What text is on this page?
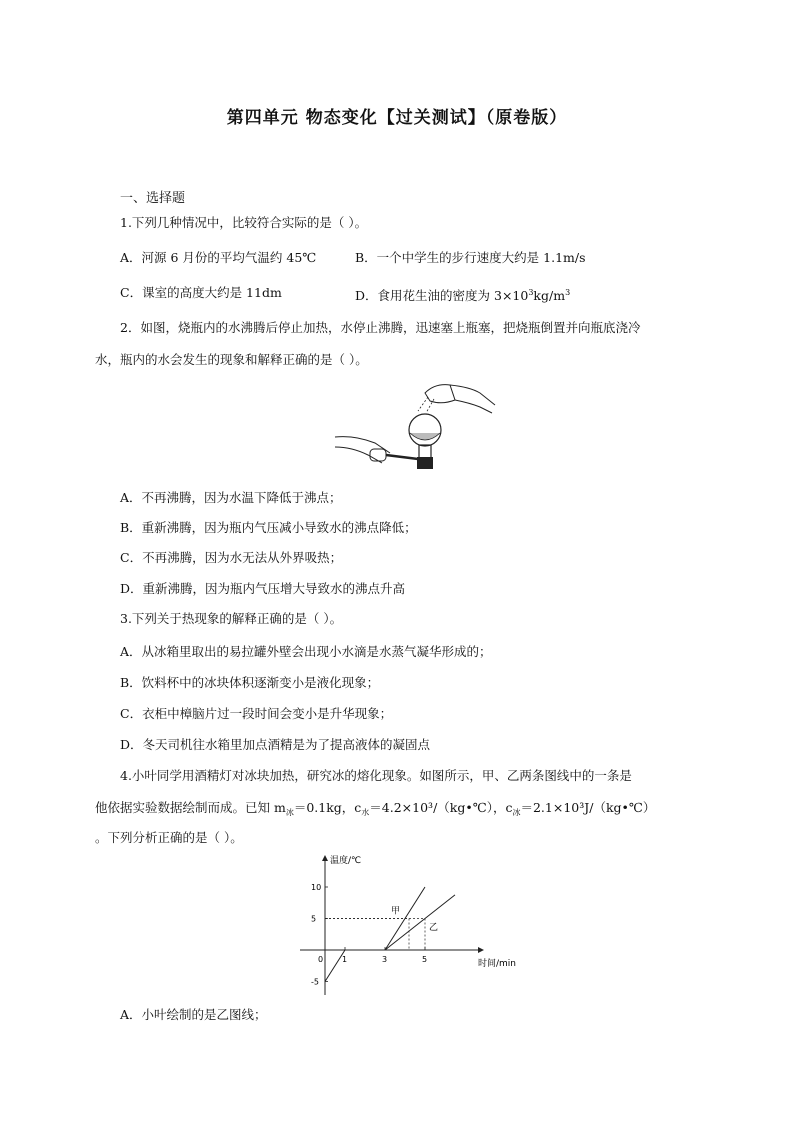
第四单元 物态变化【过关测试】（原卷版）
一、选择题
1.下列几种情况中，比较符合实际的是（ ）。
A．河源 6 月份的平均气温约 45℃	B．一个中学生的步行速度大约是 1.1m/s
C．课室的高度大约是 11dm	D．食用花生油的密度为 $3\times 10^3kg/m^3$
2．如图，烧瓶内的水沸腾后停止加热，水停止沸腾，迅速塞上瓶塞，把烧瓶倒置并向瓶底浇冷
水，瓶内的水会发生的现象和解释正确的是（ ）。
A．不再沸腾，因为水温下降低于沸点；
B．重新沸腾，因为瓶内气压减小导致水的沸点降低；
C．不再沸腾，因为水无法从外界吸热；
D．重新沸腾，因为瓶内气压增大导致水的沸点升高
3.下列关于热现象的解释正确的是（ ）。
A．从冰箱里取出的易拉罐外壁会出现小水滴是水蒸气凝华形成的；
B．饮料杯中的冰块体积逐渐变小是液化现象；
C．衣柜中樟脑片过一段时间会变小是升华现象；
D．冬天司机往水箱里加点酒精是为了提高液体的凝固点
4.小叶同学用酒精灯对冰块加热，研究冰的熔化现象。如图所示，甲、乙两条图线中的一条是
他依据实验数据绘制而成。已知 $m_冰=0.1kg$，$c_水=4.2\times 10^3/(kg•℃)$，$c_冰=2.1\times 10^3J/(kg•℃)$
。下列分析正确的是（ ）。
温度/℃
时间/min
0 1	3	5
10
5
-5
甲
乙
A．小叶绘制的是乙图线；
